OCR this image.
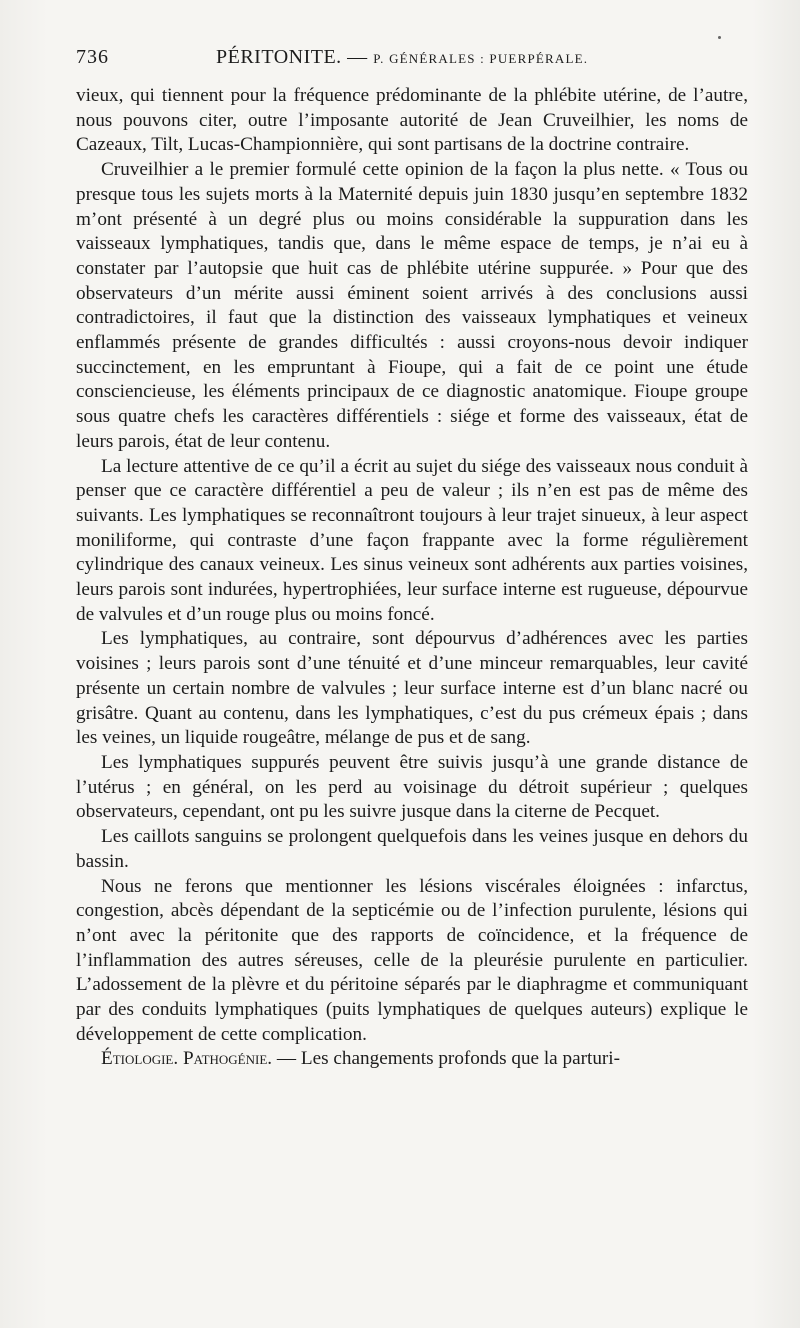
736	PÉRITONITE. — P. GÉNÉRALES : PUERPÉRALE.

vieux, qui tiennent pour la fréquence prédominante de la phlébite utérine, de l’autre, nous pouvons citer, outre l’imposante autorité de Jean Cruveilhier, les noms de Cazeaux, Tilt, Lucas-Championnière, qui sont partisans de la doctrine contraire.

Cruveilhier a le premier formulé cette opinion de la façon la plus nette. « Tous ou presque tous les sujets morts à la Maternité depuis juin 1830 jusqu’en septembre 1832 m’ont présenté à un degré plus ou moins considérable la suppuration dans les vaisseaux lymphatiques, tandis que, dans le même espace de temps, je n’ai eu à constater par l’autopsie que huit cas de phlébite utérine suppurée. » Pour que des observateurs d’un mérite aussi éminent soient arrivés à des conclusions aussi contradictoires, il faut que la distinction des vaisseaux lymphatiques et veineux enflammés présente de grandes difficultés : aussi croyons-nous devoir indiquer succinctement, en les empruntant à Fioupe, qui a fait de ce point une étude consciencieuse, les éléments principaux de ce diagnostic anatomique. Fioupe groupe sous quatre chefs les caractères différentiels : siége et forme des vaisseaux, état de leurs parois, état de leur contenu.

La lecture attentive de ce qu’il a écrit au sujet du siége des vaisseaux nous conduit à penser que ce caractère différentiel a peu de valeur ; ils n’en est pas de même des suivants. Les lymphatiques se reconnaîtront toujours à leur trajet sinueux, à leur aspect moniliforme, qui contraste d’une façon frappante avec la forme régulièrement cylindrique des canaux veineux. Les sinus veineux sont adhérents aux parties voisines, leurs parois sont indurées, hypertrophiées, leur surface interne est rugueuse, dépourvue de valvules et d’un rouge plus ou moins foncé.

Les lymphatiques, au contraire, sont dépourvus d’adhérences avec les parties voisines ; leurs parois sont d’une ténuité et d’une minceur remarquables, leur cavité présente un certain nombre de valvules ; leur surface interne est d’un blanc nacré ou grisâtre. Quant au contenu, dans les lymphatiques, c’est du pus crémeux épais ; dans les veines, un liquide rougeâtre, mélange de pus et de sang.

Les lymphatiques suppurés peuvent être suivis jusqu’à une grande distance de l’utérus ; en général, on les perd au voisinage du détroit supérieur ; quelques observateurs, cependant, ont pu les suivre jusque dans la citerne de Pecquet.

Les caillots sanguins se prolongent quelquefois dans les veines jusque en dehors du bassin.

Nous ne ferons que mentionner les lésions viscérales éloignées : infarctus, congestion, abcès dépendant de la septicémie ou de l’infection purulente, lésions qui n’ont avec la péritonite que des rapports de coïncidence, et la fréquence de l’inflammation des autres séreuses, celle de la pleurésie purulente en particulier. L’adossement de la plèvre et du péritoine séparés par le diaphragme et communiquant par des conduits lymphatiques (puits lymphatiques de quelques auteurs) explique le développement de cette complication.

Étiologie. Pathogénie. — Les changements profonds que la parturi-
